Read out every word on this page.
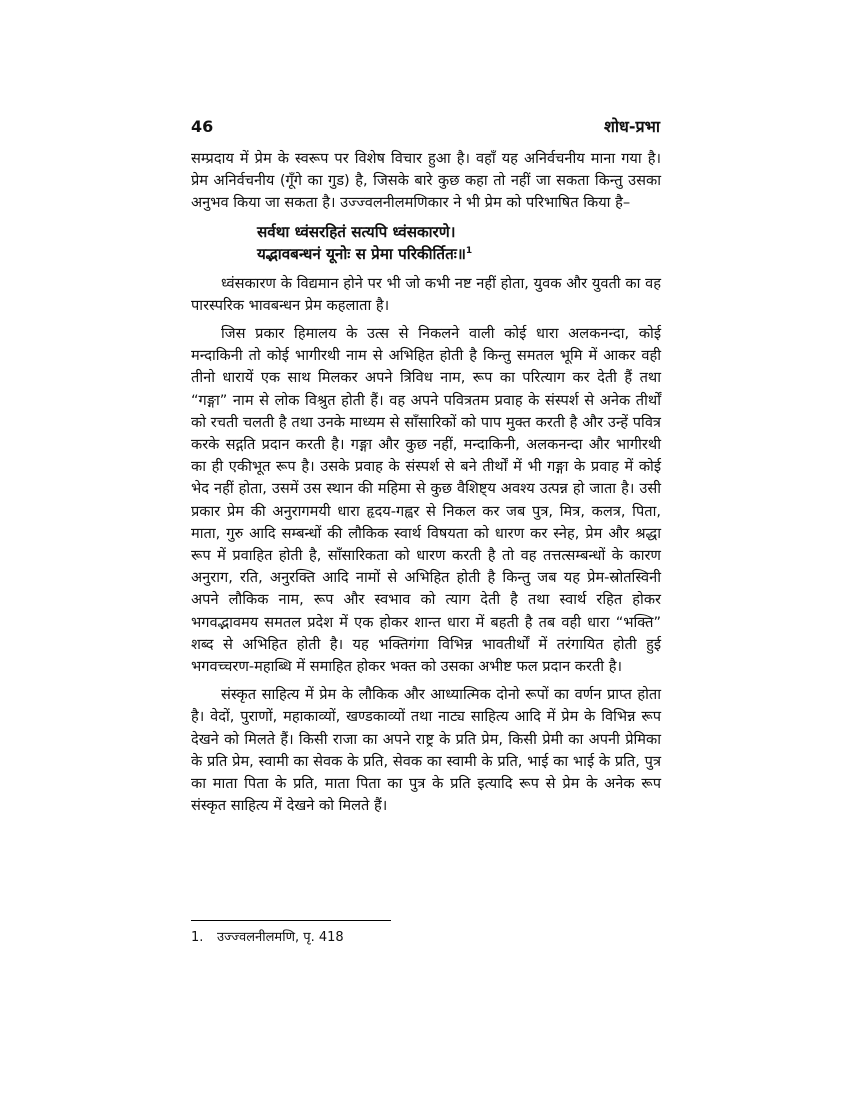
46	शोध-प्रभा

सम्प्रदाय में प्रेम के स्वरूप पर विशेष विचार हुआ है। वहाँ यह अनिर्वचनीय माना गया है। प्रेम अनिर्वचनीय (गूँगे का गुड) है, जिसके बारे कुछ कहा तो नहीं जा सकता किन्तु उसका अनुभव किया जा सकता है। उज्ज्वलनीलमणिकार ने भी प्रेम को परिभाषित किया है–

सर्वथा ध्वंसरहितं सत्यपि ध्वंसकारणे।
यद्भावबन्धनं यूनोः स प्रेमा परिकीर्तितः॥$^1$

ध्वंसकारण के विद्यमान होने पर भी जो कभी नष्ट नहीं होता, युवक और युवती का वह पारस्परिक भावबन्धन प्रेम कहलाता है।

जिस प्रकार हिमालय के उत्स से निकलने वाली कोई धारा अलकनन्दा, कोई मन्दाकिनी तो कोई भागीरथी नाम से अभिहित होती है किन्तु समतल भूमि में आकर वही तीनो धारायें एक साथ मिलकर अपने त्रिविध नाम, रूप का परित्याग कर देती हैं तथा “गङ्गा” नाम से लोक विश्रुत होती हैं। वह अपने पवित्रतम प्रवाह के संस्पर्श से अनेक तीर्थों को रचती चलती है तथा उनके माध्यम से साँसारिकों को पाप मुक्त करती है और उन्हें पवित्र करके सद्गति प्रदान करती है। गङ्गा और कुछ नहीं, मन्दाकिनी, अलकनन्दा और भागीरथी का ही एकीभूत रूप है। उसके प्रवाह के संस्पर्श से बने तीर्थों में भी गङ्गा के प्रवाह में कोई भेद नहीं होता, उसमें उस स्थान की महिमा से कुछ वैशिष्ट्य अवश्य उत्पन्न हो जाता है। उसी प्रकार प्रेम की अनुरागमयी धारा हृदय-गह्वर से निकल कर जब पुत्र, मित्र, कलत्र, पिता, माता, गुरु आदि सम्बन्धों की लौकिक स्वार्थ विषयता को धारण कर स्नेह, प्रेम और श्रद्धा रूप में प्रवाहित होती है, साँसारिकता को धारण करती है तो वह तत्तत्सम्बन्धों के कारण अनुराग, रति, अनुरक्ति आदि नामों से अभिहित होती है किन्तु जब यह प्रेम-स्रोतस्विनी अपने लौकिक नाम, रूप और स्वभाव को त्याग देती है तथा स्वार्थ रहित होकर भगवद्भावमय समतल प्रदेश में एक होकर शान्त धारा में बहती है तब वही धारा “भक्ति” शब्द से अभिहित होती है। यह भक्तिगंगा विभिन्न भावतीर्थों में तरंगायित होती हुई भगवच्चरण-महाब्धि में समाहित होकर भक्त को उसका अभीष्ट फल प्रदान करती है।

संस्कृत साहित्य में प्रेम के लौकिक और आध्यात्मिक दोनो रूपों का वर्णन प्राप्त होता है। वेदों, पुराणों, महाकाव्यों, खण्डकाव्यों तथा नाट्य साहित्य आदि में प्रेम के विभिन्न रूप देखने को मिलते हैं। किसी राजा का अपने राष्ट्र के प्रति प्रेम, किसी प्रेमी का अपनी प्रेमिका के प्रति प्रेम, स्वामी का सेवक के प्रति, सेवक का स्वामी के प्रति, भाई का भाई के प्रति, पुत्र का माता पिता के प्रति, माता पिता का पुत्र के प्रति इत्यादि रूप से प्रेम के अनेक रूप संस्कृत साहित्य में देखने को मिलते हैं।

1. उज्ज्वलनीलमणि, पृ. 418
